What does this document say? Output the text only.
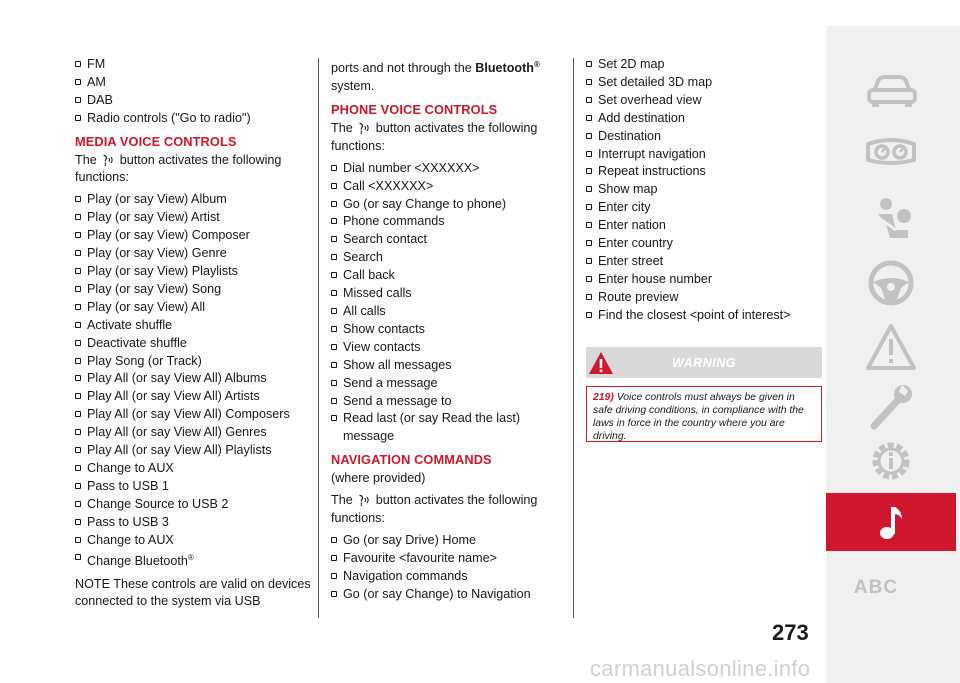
FM
AM
DAB
Radio controls ("Go to radio")
MEDIA VOICE CONTROLS
The button activates the following functions:
Play (or say View) Album
Play (or say View) Artist
Play (or say View) Composer
Play (or say View) Genre
Play (or say View) Playlists
Play (or say View) Song
Play (or say View) All
Activate shuffle
Deactivate shuffle
Play Song (or Track)
Play All (or say View All) Albums
Play All (or say View All) Artists
Play All (or say View All) Composers
Play All (or say View All) Genres
Play All (or say View All) Playlists
Change to AUX
Pass to USB 1
Change Source to USB 2
Pass to USB 3
Change to AUX
Change Bluetooth®
NOTE These controls are valid on devices connected to the system via USB
ports and not through the Bluetooth® system.
PHONE VOICE CONTROLS
The button activates the following functions:
Dial number <XXXXXX>
Call <XXXXXX>
Go (or say Change to phone)
Phone commands
Search contact
Search
Call back
Missed calls
All calls
Show contacts
View contacts
Show all messages
Send a message
Send a message to
Read last (or say Read the last) message
NAVIGATION COMMANDS
(where provided)
The button activates the following functions:
Go (or say Drive) Home
Favourite <favourite name>
Navigation commands
Go (or say Change) to Navigation
Set 2D map
Set detailed 3D map
Set overhead view
Add destination
Destination
Interrupt navigation
Repeat instructions
Show map
Enter city
Enter nation
Enter country
Enter street
Enter house number
Route preview
Find the closest <point of interest>
WARNING
219) Voice controls must always be given in safe driving conditions, in compliance with the laws in force in the country where you are driving.
ABC
273
carmanualsonline.info
